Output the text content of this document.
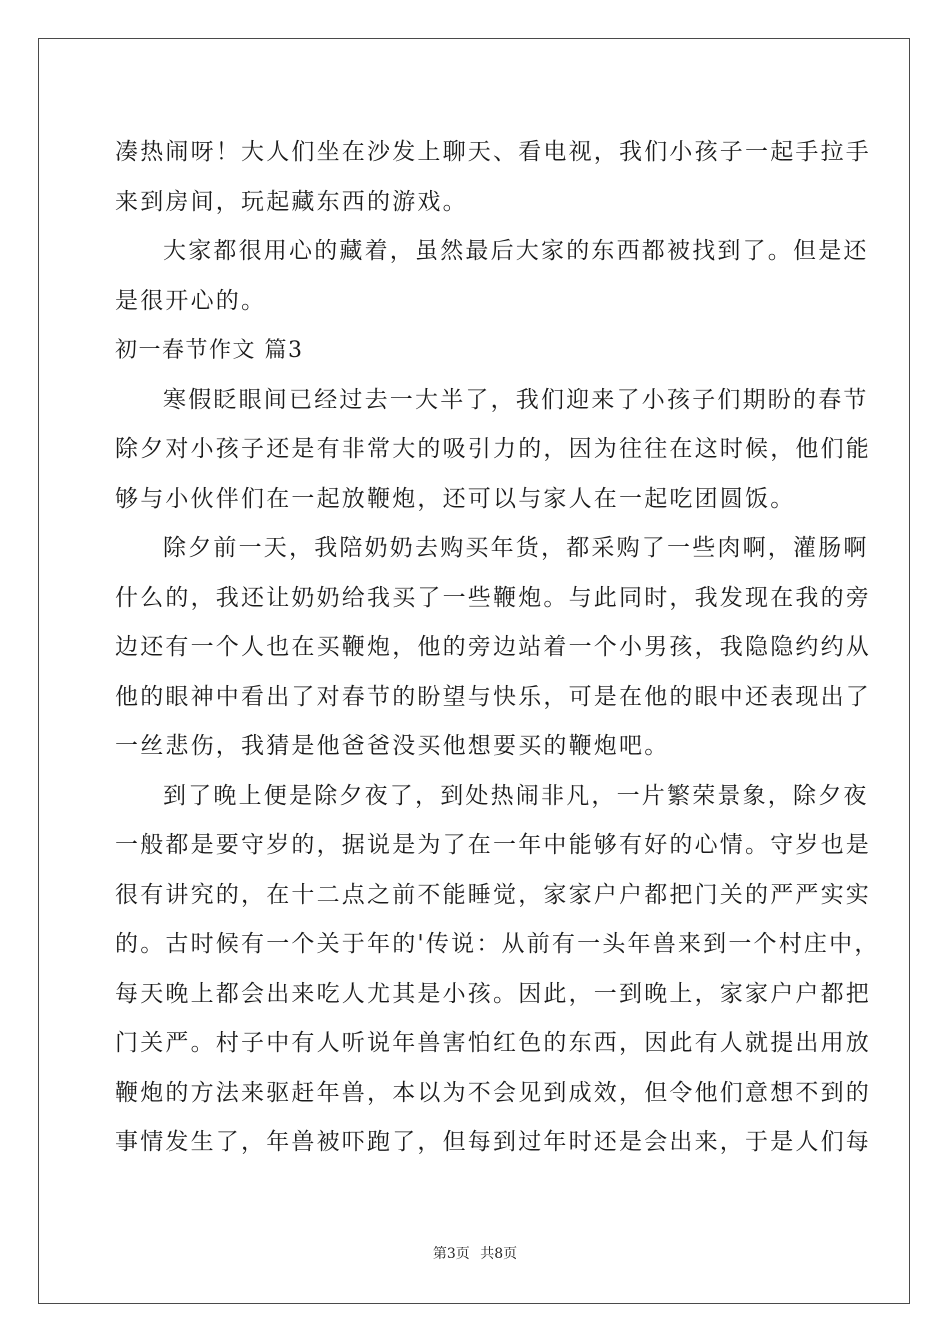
凑热闹呀！大人们坐在沙发上聊天、看电视，我们小孩子一起手拉手
来到房间，玩起藏东西的游戏。
大家都很用心的藏着，虽然最后大家的东西都被找到了。但是还
是很开心的。
初一春节作文 篇3
寒假眨眼间已经过去一大半了，我们迎来了小孩子们期盼的春节
除夕对小孩子还是有非常大的吸引力的，因为往往在这时候，他们能
够与小伙伴们在一起放鞭炮，还可以与家人在一起吃团圆饭。
除夕前一天，我陪奶奶去购买年货，都采购了一些肉啊，灌肠啊
什么的，我还让奶奶给我买了一些鞭炮。与此同时，我发现在我的旁
边还有一个人也在买鞭炮，他的旁边站着一个小男孩，我隐隐约约从
他的眼神中看出了对春节的盼望与快乐，可是在他的眼中还表现出了
一丝悲伤，我猜是他爸爸没买他想要买的鞭炮吧。
到了晚上便是除夕夜了，到处热闹非凡，一片繁荣景象，除夕夜
一般都是要守岁的，据说是为了在一年中能够有好的心情。守岁也是
很有讲究的，在十二点之前不能睡觉，家家户户都把门关的严严实实
的。古时候有一个关于年的'传说：从前有一头年兽来到一个村庄中，
每天晚上都会出来吃人尤其是小孩。因此，一到晚上，家家户户都把
门关严。村子中有人听说年兽害怕红色的东西，因此有人就提出用放
鞭炮的方法来驱赶年兽，本以为不会见到成效，但令他们意想不到的
事情发生了，年兽被吓跑了，但每到过年时还是会出来，于是人们每
第3页 共8页
